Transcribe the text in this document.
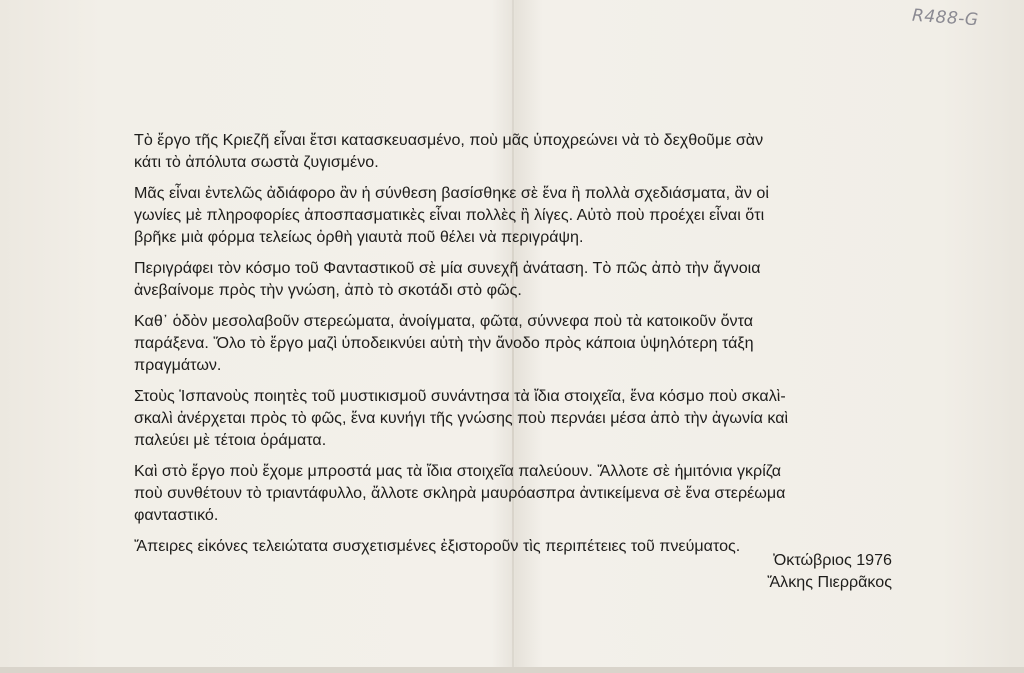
R488-G

Τὸ ἔργο τῆς Κριεζῆ εἶναι ἔτσι κατασκευασμένο, ποὺ μᾶς ὑποχρεώνει νὰ τὸ δεχθοῦμε σὰν
κάτι τὸ ἀπόλυτα σωστὰ ζυγισμένο.

Μᾶς εἶναι ἐντελῶς ἀδιάφορο ἂν ἡ σύνθεση βασίσθηκε σὲ ἕνα ἢ πολλὰ σχεδιάσματα, ἂν οἱ
γωνίες μὲ πληροφορίες ἀποσπασματικὲς εἶναι πολλὲς ἢ λίγες. Αὐτὸ ποὺ προέχει εἶναι ὅτι
βρῆκε μιὰ φόρμα τελείως ὀρθὴ γιαυτὰ ποῦ θέλει νὰ περιγράψη.

Περιγράφει τὸν κόσμο τοῦ Φανταστικοῦ σὲ μία συνεχῆ ἀνάταση. Τὸ πῶς ἀπὸ τὴν ἄγνοια
ἀνεβαίνομε πρὸς τὴν γνώση, ἀπὸ τὸ σκοτάδι στὸ φῶς.

Καθ᾽ ὁδὸν μεσολαβοῦν στερεώματα, ἀνοίγματα, φῶτα, σύννεφα ποὺ τὰ κατοικοῦν ὄντα
παράξενα. Ὅλο τὸ ἔργο μαζὶ ὑποδεικνύει αὐτὴ τὴν ἄνοδο πρὸς κάποια ὑψηλότερη τάξη
πραγμάτων.

Στοὺς Ἱσπανοὺς ποιητὲς τοῦ μυστικισμοῦ συνάντησα τὰ ἴδια στοιχεῖα, ἕνα κόσμο ποὺ σκαλὶ-
σκαλὶ ἀνέρχεται πρὸς τὸ φῶς, ἕνα κυνήγι τῆς γνώσης ποὺ περνάει μέσα ἀπὸ τὴν ἀγωνία καὶ
παλεύει μὲ τέτοια ὁράματα.

Καὶ στὸ ἔργο ποὺ ἔχομε μπροστά μας τὰ ἴδια στοιχεῖα παλεύουν. Ἄλλοτε σὲ ἡμιτόνια γκρίζα
ποὺ συνθέτουν τὸ τριαντάφυλλο, ἄλλοτε σκληρὰ μαυρόασπρα ἀντικείμενα σὲ ἕνα στερέωμα
φανταστικό.

Ἄπειρες εἰκόνες τελειώτατα συσχετισμένες ἐξιστοροῦν τὶς περιπέτειες τοῦ πνεύματος.

Ὀκτώβριος 1976
Ἄλκης Πιερρᾶκος
